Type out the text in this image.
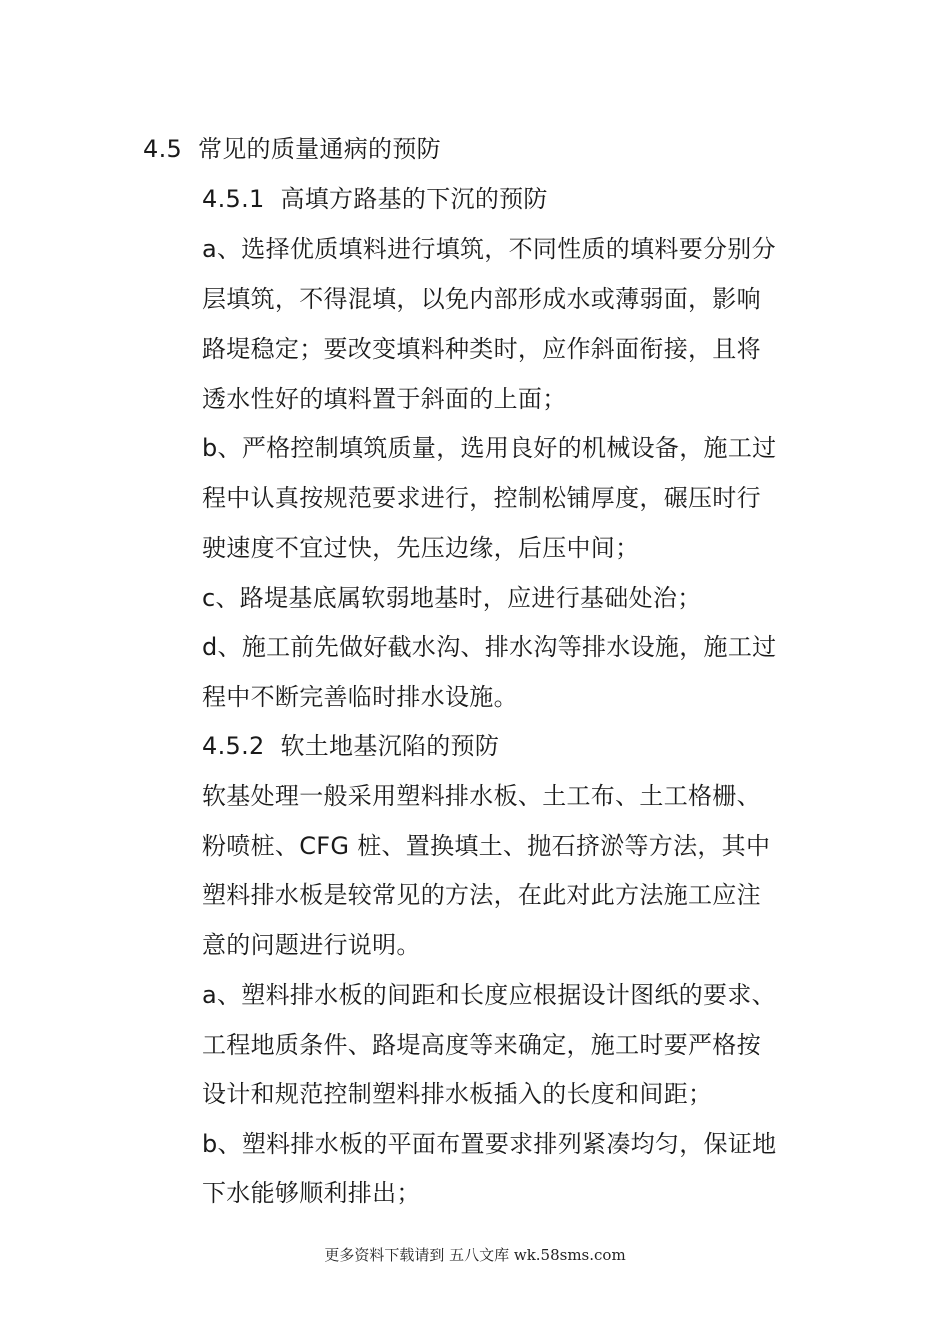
4.5 常见的质量通病的预防
4.5.1 高填方路基的下沉的预防
a、选择优质填料进行填筑，不同性质的填料要分别分
层填筑，不得混填，以免内部形成水或薄弱面，影响
路堤稳定；要改变填料种类时，应作斜面衔接，且将
透水性好的填料置于斜面的上面；
b、严格控制填筑质量，选用良好的机械设备，施工过
程中认真按规范要求进行，控制松铺厚度，碾压时行
驶速度不宜过快，先压边缘，后压中间；
c、路堤基底属软弱地基时，应进行基础处治；
d、施工前先做好截水沟、排水沟等排水设施，施工过
程中不断完善临时排水设施。
4.5.2 软土地基沉陷的预防
软基处理一般采用塑料排水板、土工布、土工格栅、
粉喷桩、CFG 桩、置换填土、抛石挤淤等方法，其中
塑料排水板是较常见的方法，在此对此方法施工应注
意的问题进行说明。
a、塑料排水板的间距和长度应根据设计图纸的要求、
工程地质条件、路堤高度等来确定，施工时要严格按
设计和规范控制塑料排水板插入的长度和间距；
b、塑料排水板的平面布置要求排列紧凑均匀，保证地
下水能够顺利排出；
更多资料下载请到 五八文库 wk.58sms.com
